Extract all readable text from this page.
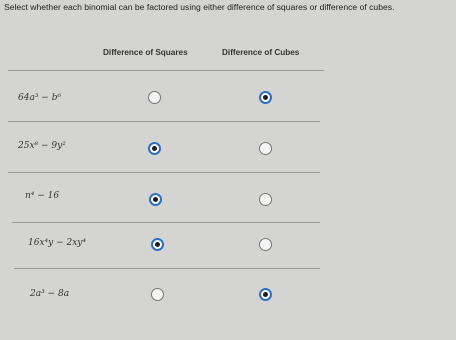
Select whether each binomial can be factored using either difference of squares or difference of cubes.
Difference of Squares	Difference of Cubes
64a³ − b⁶
25x⁸ − 9y²
n⁴ − 16
16x⁴y − 2xy⁴
2a³ − 8a
